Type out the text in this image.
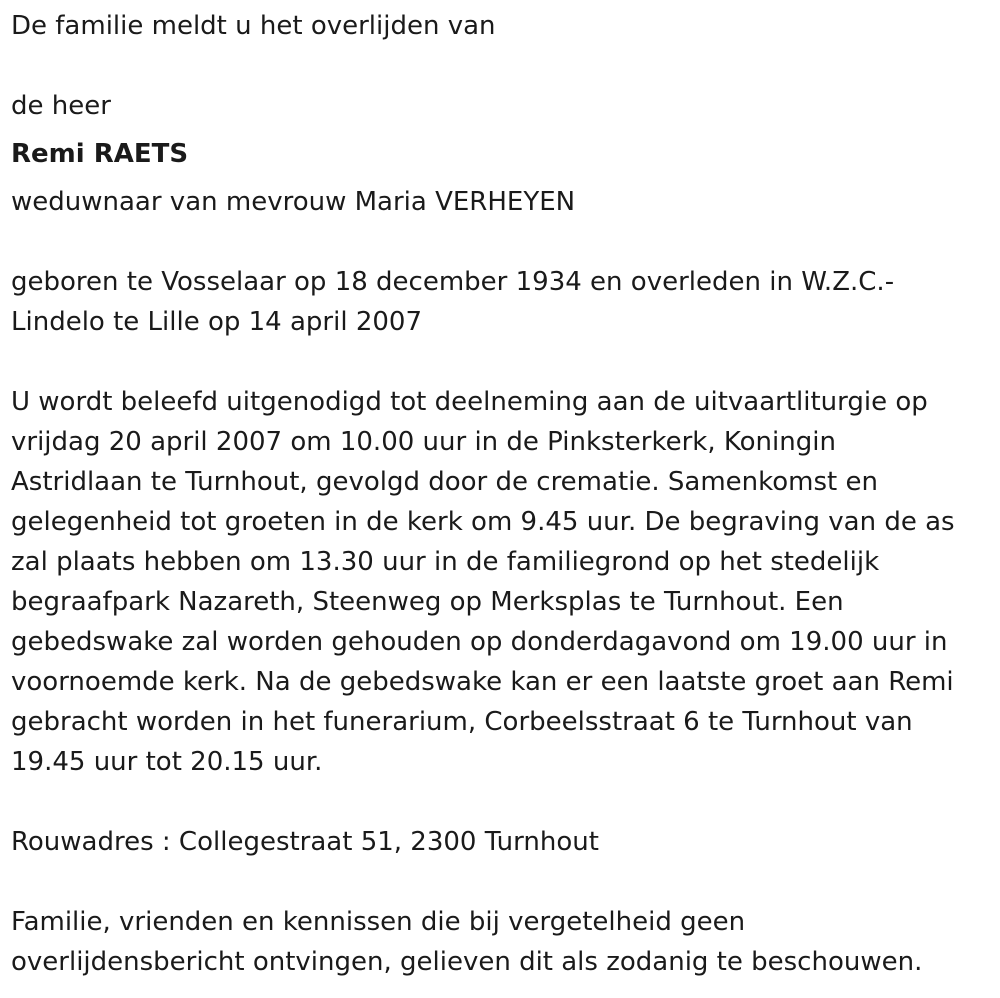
De familie meldt u het overlijden van
de heer
Remi RAETS
weduwnaar van mevrouw Maria VERHEYEN
geboren te Vosselaar op 18 december 1934 en overleden in W.Z.C.-
Lindelo te Lille op 14 april 2007
U wordt beleefd uitgenodigd tot deelneming aan de uitvaartliturgie op
vrijdag 20 april 2007 om 10.00 uur in de Pinksterkerk, Koningin
Astridlaan te Turnhout, gevolgd door de crematie. Samenkomst en
gelegenheid tot groeten in de kerk om 9.45 uur. De begraving van de as
zal plaats hebben om 13.30 uur in de familiegrond op het stedelijk
begraafpark Nazareth, Steenweg op Merksplas te Turnhout. Een
gebedswake zal worden gehouden op donderdagavond om 19.00 uur in
voornoemde kerk. Na de gebedswake kan er een laatste groet aan Remi
gebracht worden in het funerarium, Corbeelsstraat 6 te Turnhout van
19.45 uur tot 20.15 uur.
Rouwadres : Collegestraat 51, 2300 Turnhout
Familie, vrienden en kennissen die bij vergetelheid geen
overlijdensbericht ontvingen, gelieven dit als zodanig te beschouwen.
